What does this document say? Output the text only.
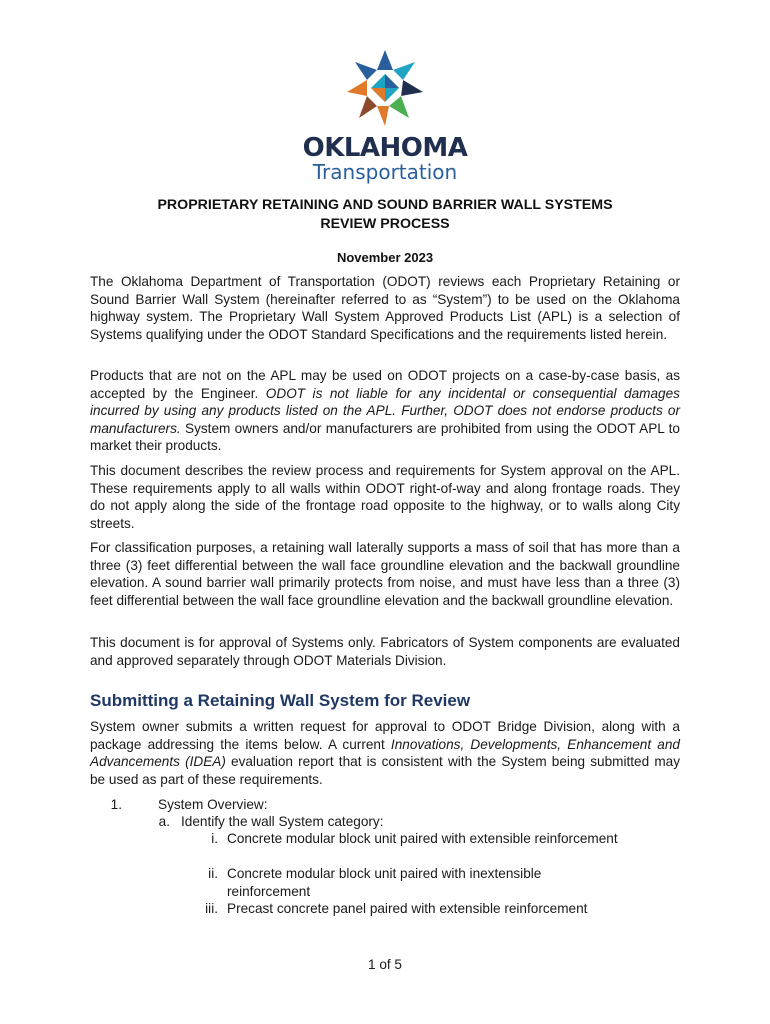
OKLAHOMA
Transportation
PROPRIETARY RETAINING AND SOUND BARRIER WALL SYSTEMS
REVIEW PROCESS
November 2023
The Oklahoma Department of Transportation (ODOT) reviews each Proprietary Retaining or Sound Barrier Wall System (hereinafter referred to as “System”) to be used on the Oklahoma highway system. The Proprietary Wall System Approved Products List (APL) is a selection of Systems qualifying under the ODOT Standard Specifications and the requirements listed herein.
Products that are not on the APL may be used on ODOT projects on a case-by-case basis, as accepted by the Engineer. ODOT is not liable for any incidental or consequential damages incurred by using any products listed on the APL. Further, ODOT does not endorse products or manufacturers. System owners and/or manufacturers are prohibited from using the ODOT APL to market their products.
This document describes the review process and requirements for System approval on the APL. These requirements apply to all walls within ODOT right-of-way and along frontage roads. They do not apply along the side of the frontage road opposite to the highway, or to walls along City streets.
For classification purposes, a retaining wall laterally supports a mass of soil that has more than a three (3) feet differential between the wall face groundline elevation and the backwall groundline elevation. A sound barrier wall primarily protects from noise, and must have less than a three (3) feet differential between the wall face groundline elevation and the backwall groundline elevation.
This document is for approval of Systems only. Fabricators of System components are evaluated and approved separately through ODOT Materials Division.
Submitting a Retaining Wall System for Review
System owner submits a written request for approval to ODOT Bridge Division, along with a package addressing the items below. A current Innovations, Developments, Enhancement and Advancements (IDEA) evaluation report that is consistent with the System being submitted may be used as part of these requirements.
1.	System Overview:
a. Identify the wall System category:
i. Concrete modular block unit paired with extensible reinforcement
ii. Concrete modular block unit paired with inextensible reinforcement
iii. Precast concrete panel paired with extensible reinforcement
1 of 5
